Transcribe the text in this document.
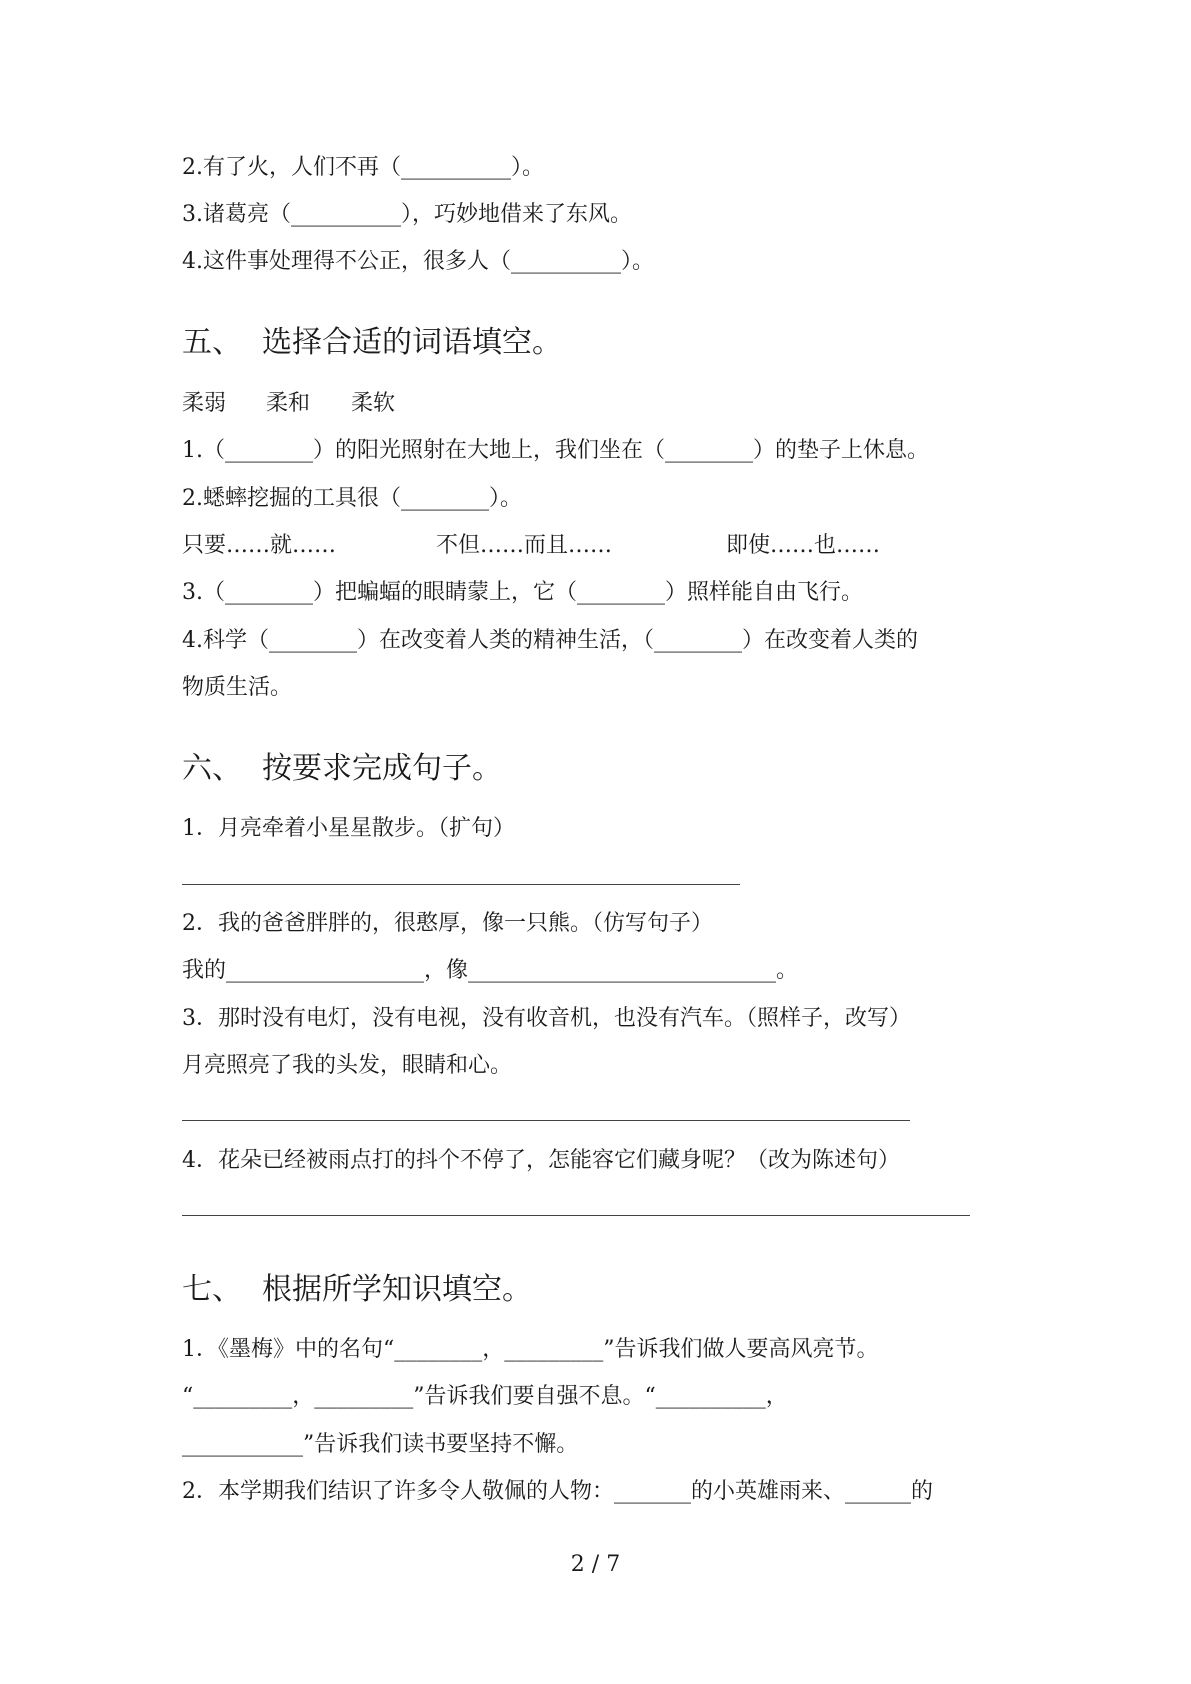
2.有了火，人们不再（__________）。
3.诸葛亮（__________），巧妙地借来了东风。
4.这件事处理得不公正，很多人（__________）。
五、 选择合适的词语填空。
柔弱 柔和 柔软
1.（________）的阳光照射在大地上，我们坐在（________）的垫子上休息。
2.蟋蟀挖掘的工具很（________）。
只要……就……	不但……而且……	即使……也……
3.（________）把蝙蝠的眼睛蒙上，它（________）照样能自由飞行。
4.科学（________）在改变着人类的精神生活，（________）在改变着人类的
物质生活。
六、 按要求完成句子。
1．月亮牵着小星星散步。（扩句）
2．我的爸爸胖胖的，很憨厚，像一只熊。（仿写句子）
我的__________________，像____________________________。
3．那时没有电灯，没有电视，没有收音机，也没有汽车。（照样子，改写）
月亮照亮了我的头发，眼睛和心。
4．花朵已经被雨点打的抖个不停了，怎能容它们藏身呢？（改为陈述句）
七、 根据所学知识填空。
1．《墨梅》中的名句“________，_________”告诉我们做人要高风亮节。
“_________，_________”告诉我们要自强不息。“__________，
___________”告诉我们读书要坚持不懈。
2．本学期我们结识了许多令人敬佩的人物：_______的小英雄雨来、______的
2 / 7
